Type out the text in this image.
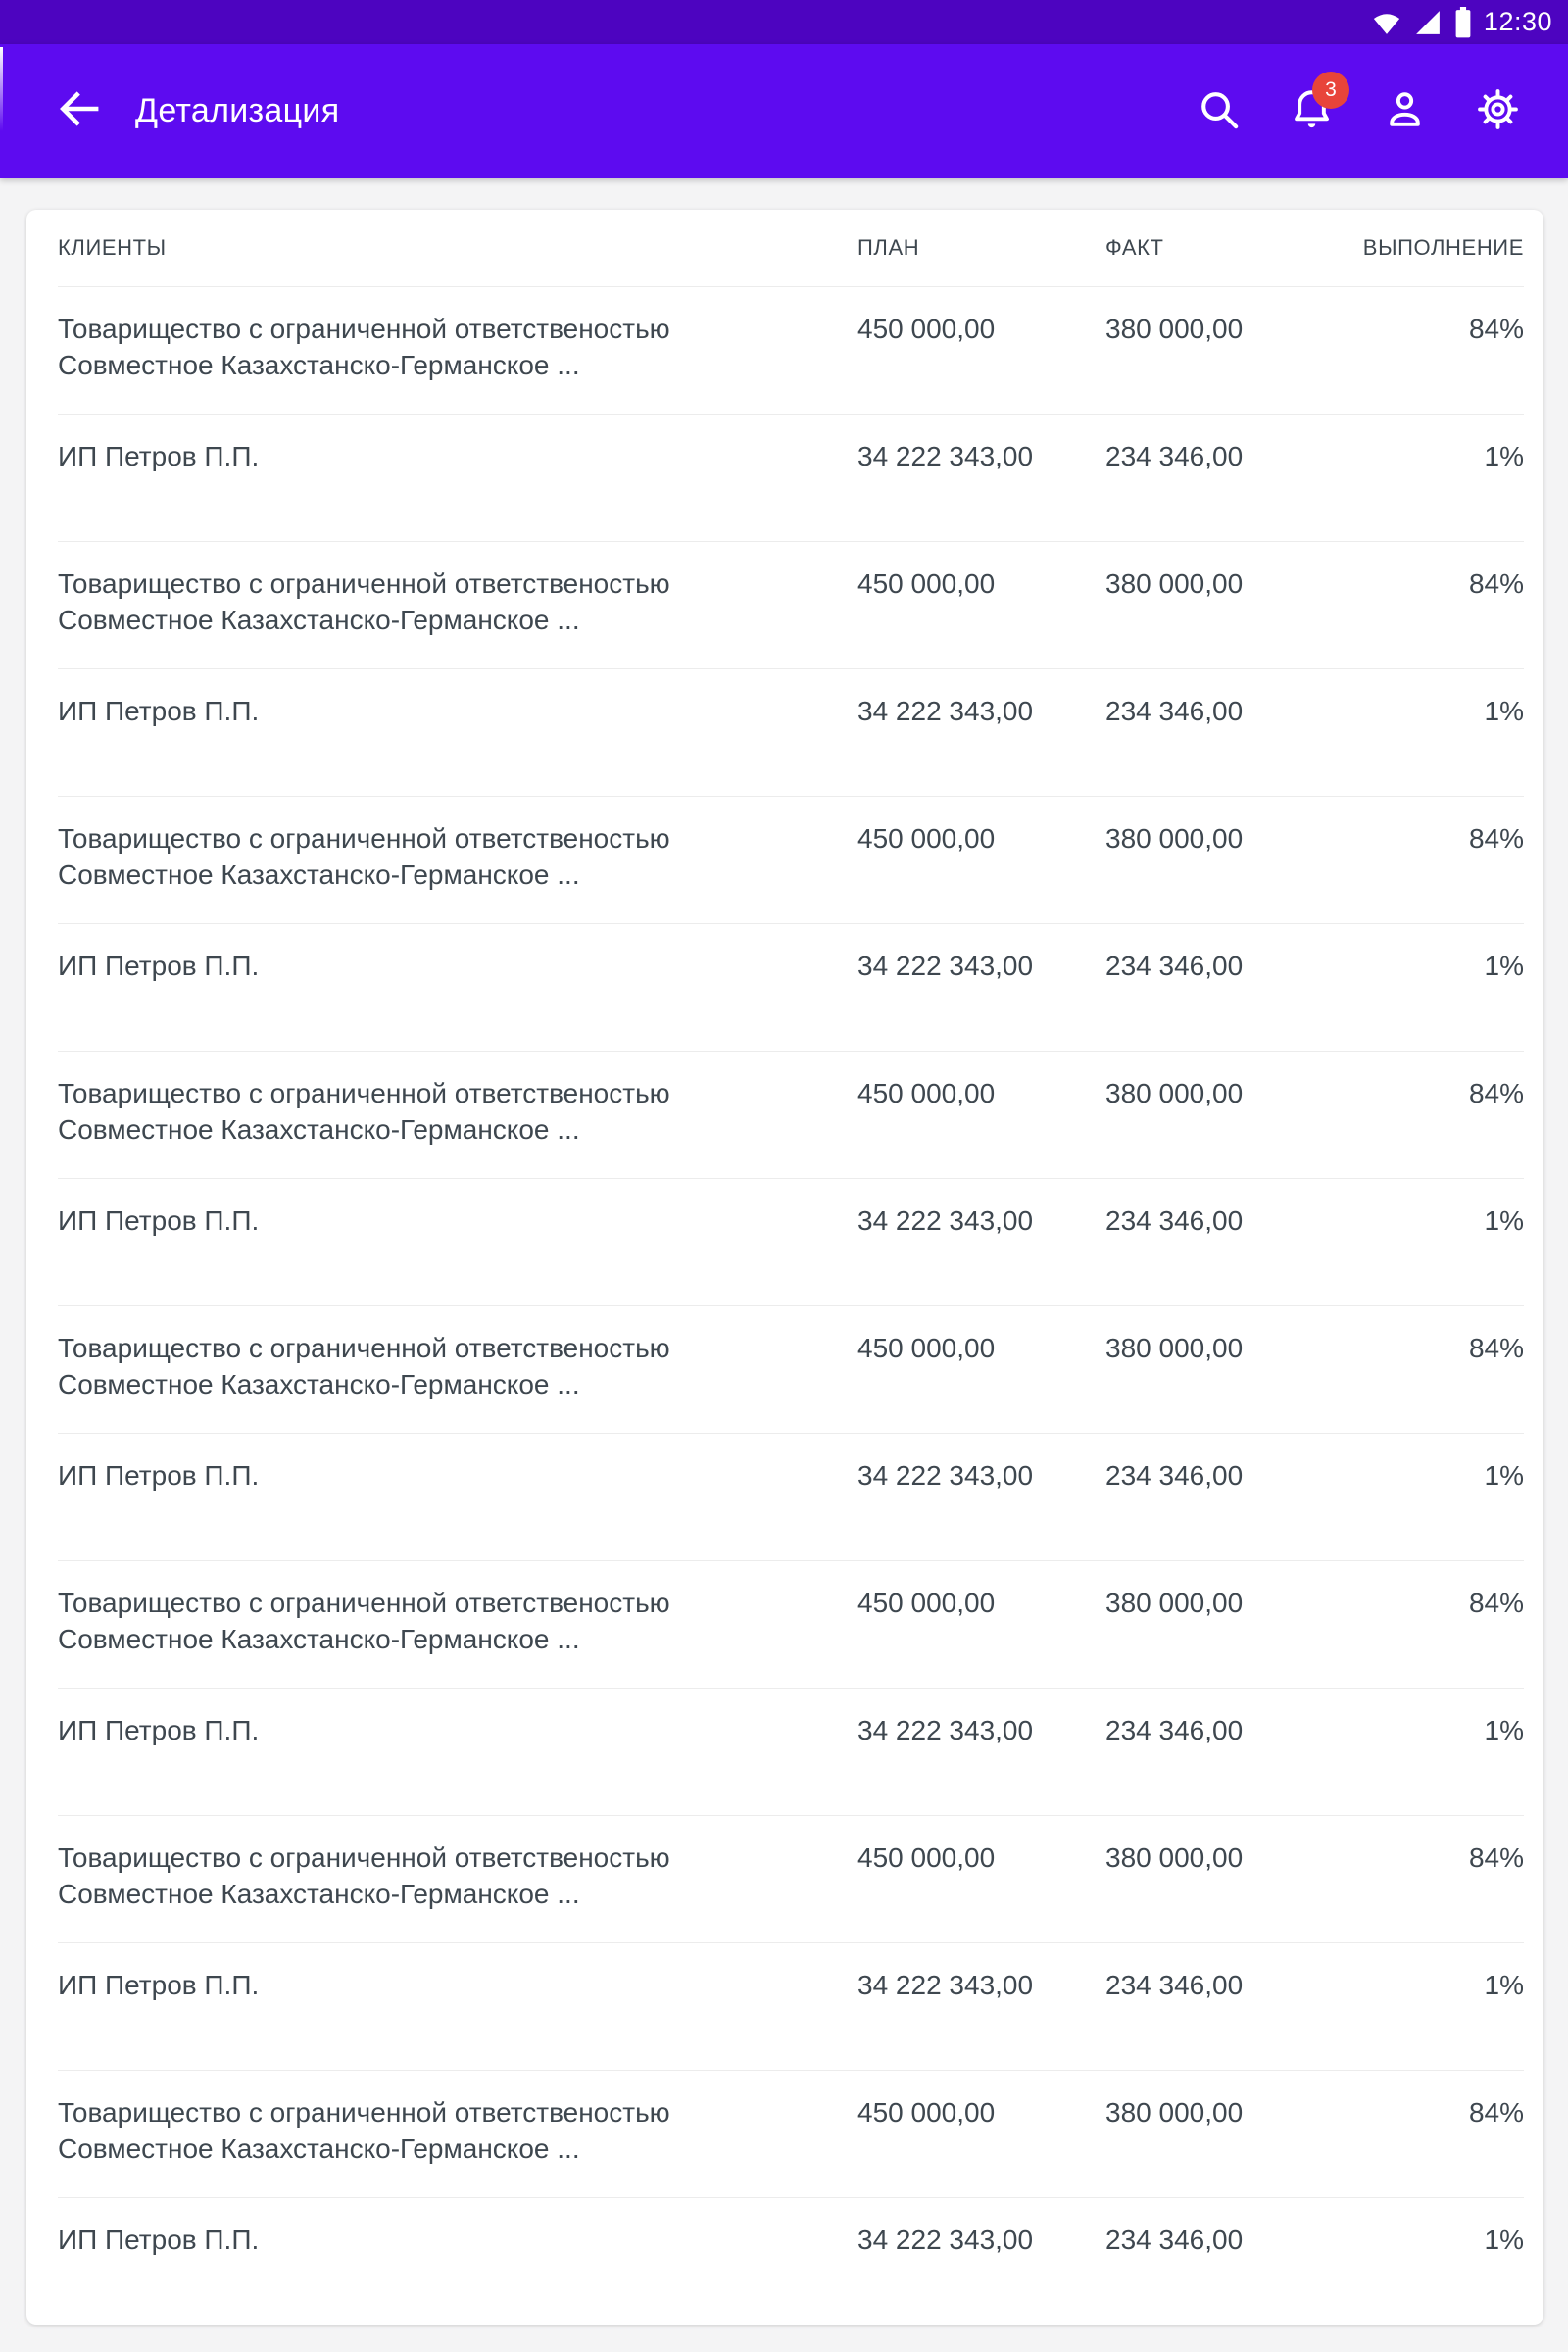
12:30
Детализация
3
КЛИЕНТЫ	ПЛАН	ФАКТ	ВЫПОЛНЕНИЕ

Товарищество с ограниченной ответственостью
Совместное Казахстанско-Германское ...	450 000,00	380 000,00	84%

ИП Петров П.П.	34 222 343,00	234 346,00	1%

Товарищество с ограниченной ответственостью
Совместное Казахстанско-Германское ...	450 000,00	380 000,00	84%

ИП Петров П.П.	34 222 343,00	234 346,00	1%

Товарищество с ограниченной ответственостью
Совместное Казахстанско-Германское ...	450 000,00	380 000,00	84%

ИП Петров П.П.	34 222 343,00	234 346,00	1%

Товарищество с ограниченной ответственостью
Совместное Казахстанско-Германское ...	450 000,00	380 000,00	84%

ИП Петров П.П.	34 222 343,00	234 346,00	1%

Товарищество с ограниченной ответственостью
Совместное Казахстанско-Германское ...	450 000,00	380 000,00	84%

ИП Петров П.П.	34 222 343,00	234 346,00	1%

Товарищество с ограниченной ответственостью
Совместное Казахстанско-Германское ...	450 000,00	380 000,00	84%

ИП Петров П.П.	34 222 343,00	234 346,00	1%

Товарищество с ограниченной ответственостью
Совместное Казахстанско-Германское ...	450 000,00	380 000,00	84%

ИП Петров П.П.	34 222 343,00	234 346,00	1%

Товарищество с ограниченной ответственостью
Совместное Казахстанско-Германское ...	450 000,00	380 000,00	84%

ИП Петров П.П.	34 222 343,00	234 346,00	1%
